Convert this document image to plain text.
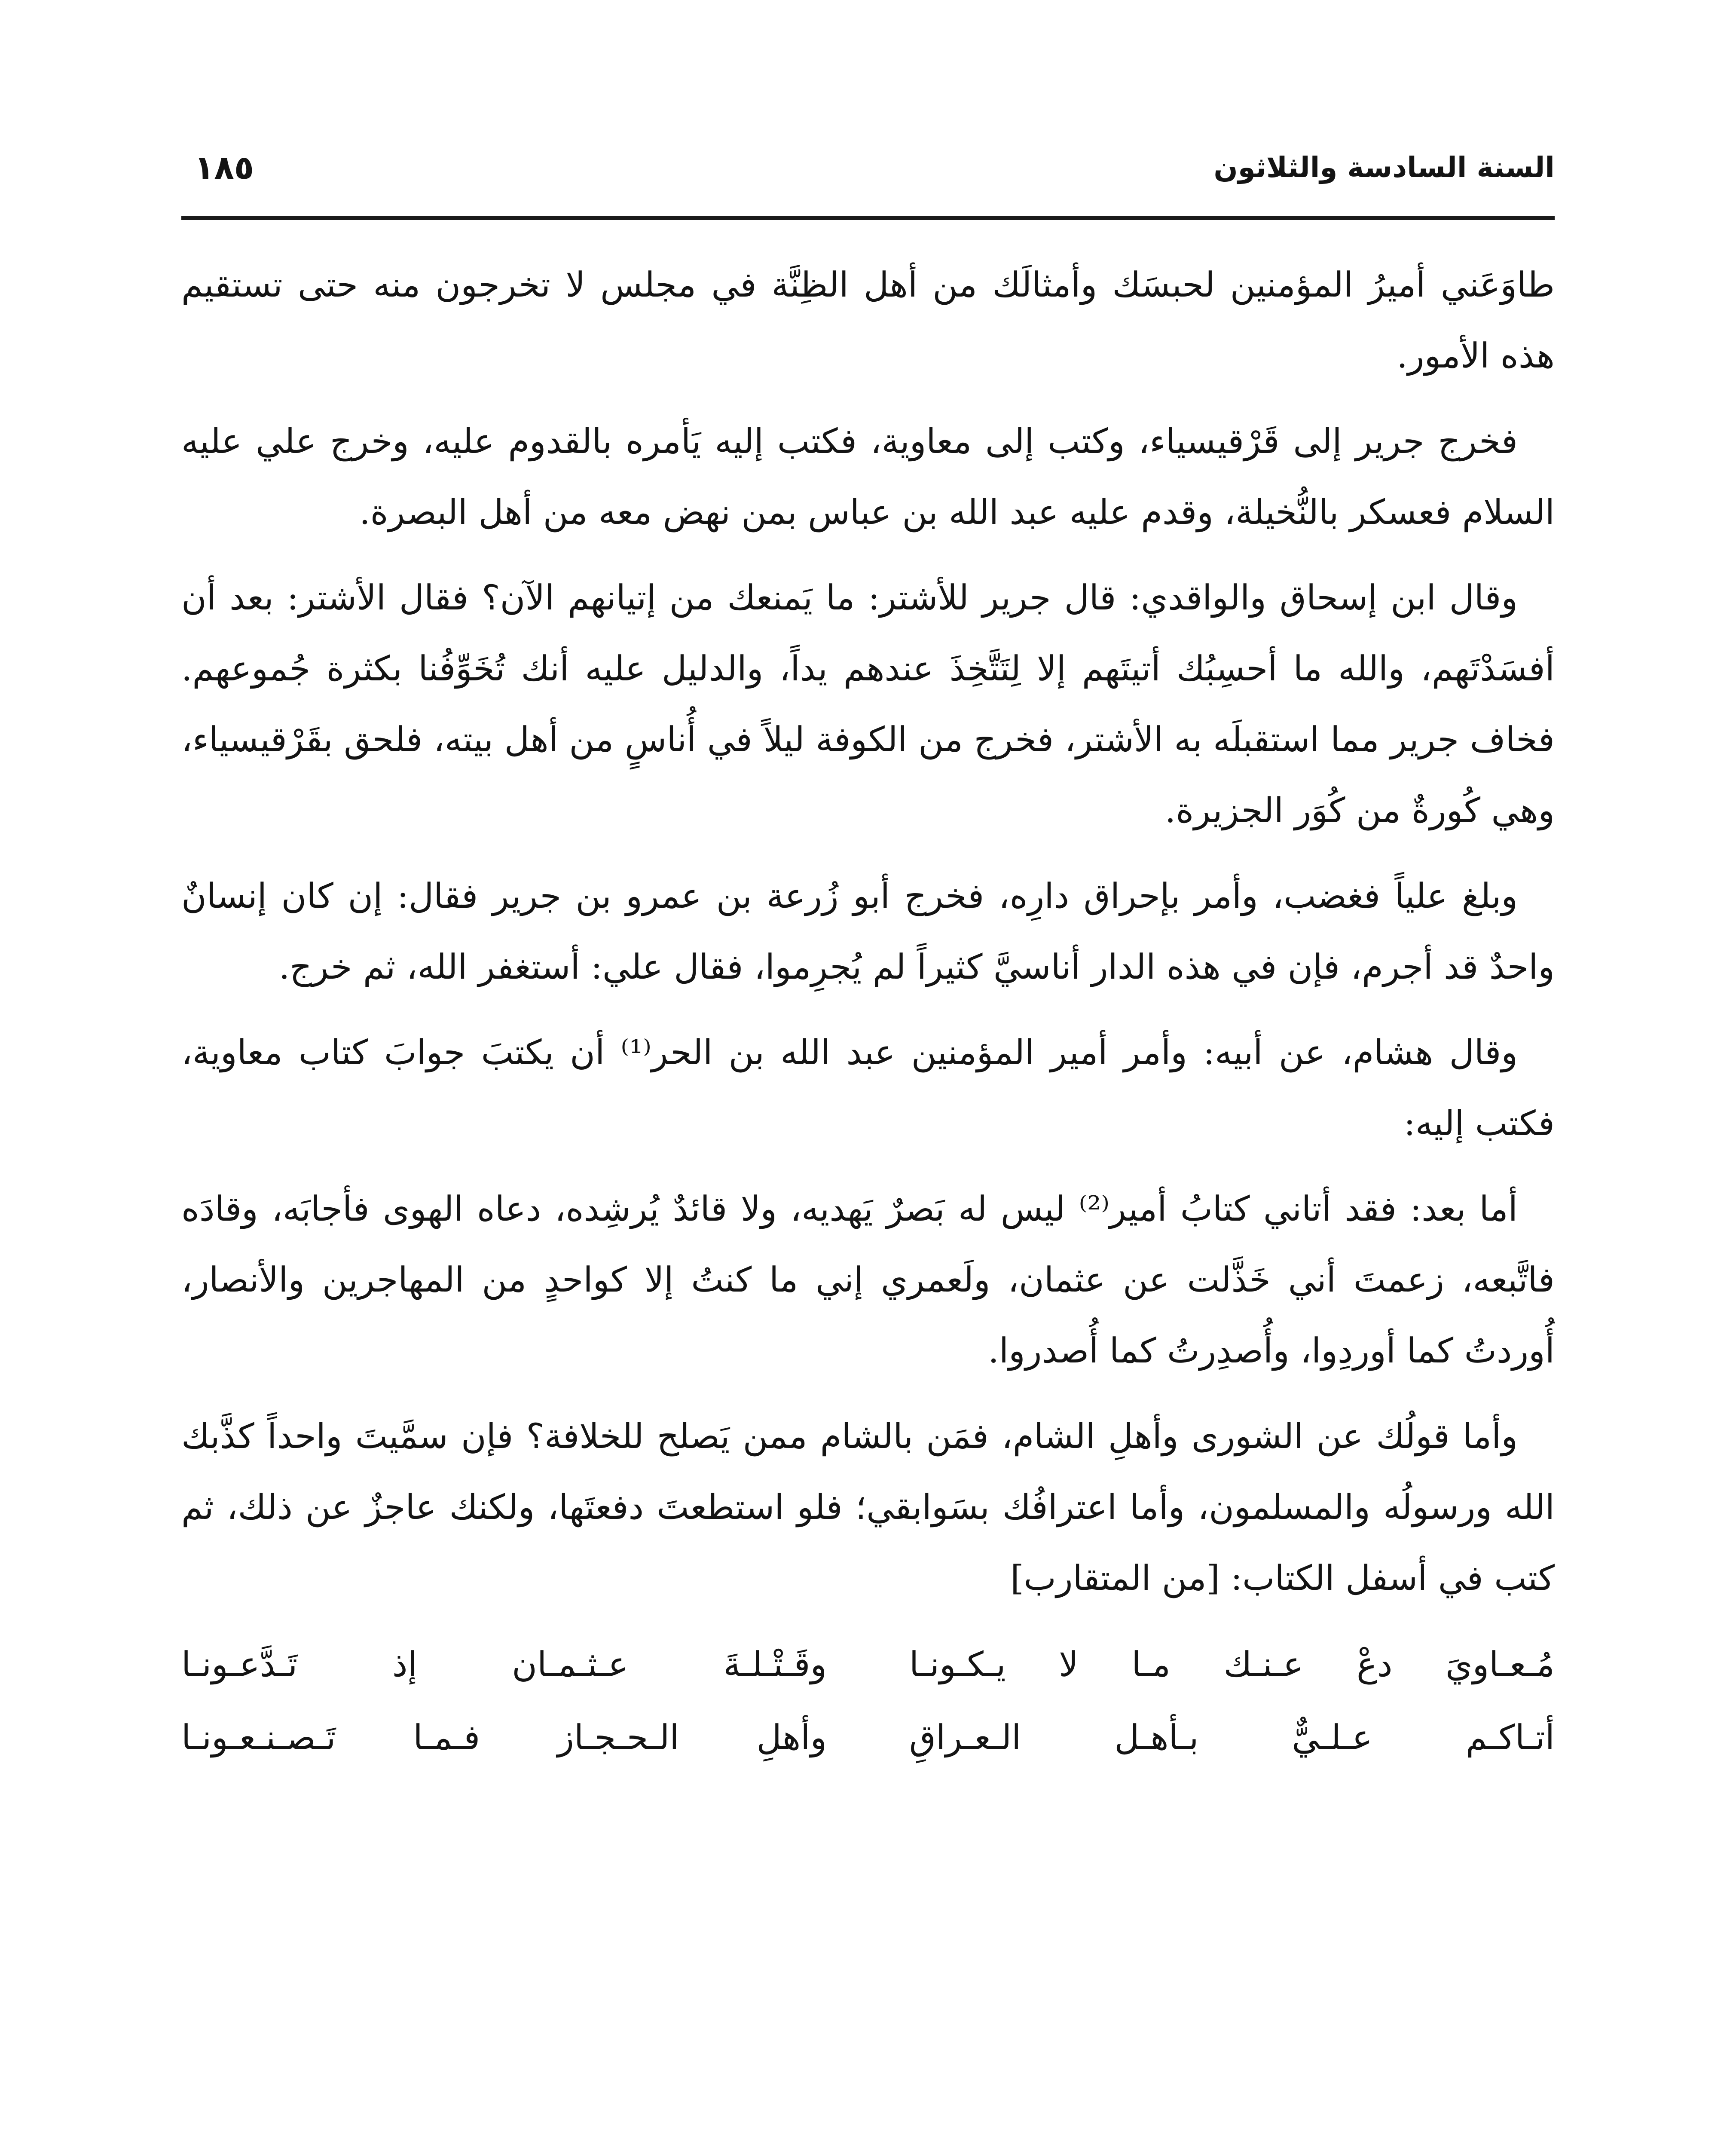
السنة السادسة والثلاثون
١٨٥

طاوَعَني أميرُ المؤمنين لحبسَك وأمثالَك من أهل الظِنَّة في مجلس لا تخرجون منه حتى تستقيم هذه الأمور.

فخرج جرير إلى قَرْقيسياء، وكتب إلى معاوية، فكتب إليه يَأمره بالقدوم عليه، وخرج علي عليه السلام فعسكر بالنُّخيلة، وقدم عليه عبد الله بن عباس بمن نهض معه من أهل البصرة.

وقال ابن إسحاق والواقدي: قال جرير للأشتر: ما يَمنعك من إتيانهم الآن؟ فقال الأشتر: بعد أن أفسَدْتَهم، والله ما أحسِبُك أتيتَهم إلا لِتَتَّخِذَ عندهم يداً، والدليل عليه أنك تُخَوِّفُنا بكثرة جُموعهم. فخاف جرير مما استقبلَه به الأشتر، فخرج من الكوفة ليلاً في أُناسٍ من أهل بيته، فلحق بقَرْقيسياء، وهي كُورةٌ من كُوَر الجزيرة.

وبلغ علياً فغضب، وأمر بإحراق دارِه، فخرج أبو زُرعة بن عمرو بن جرير فقال: إن كان إنسانٌ واحدٌ قد أجرم، فإن في هذه الدار أناسيَّ كثيراً لم يُجرِموا، فقال علي: أستغفر الله، ثم خرج.

وقال هشام، عن أبيه: وأمر أمير المؤمنين عبد الله بن الحر⁽¹⁾ أن يكتبَ جوابَ كتاب معاوية، فكتب إليه:

أما بعد: فقد أتاني كتابُ أمير⁽²⁾ ليس له بَصرٌ يَهديه، ولا قائدٌ يُرشِده، دعاه الهوى فأجابَه، وقادَه فاتَّبعه، زعمتَ أني خَذَّلت عن عثمان، ولَعمري إني ما كنتُ إلا كواحدٍ من المهاجرين والأنصار، أُوردتُ كما أوردِوا، وأُصدِرتُ كما أُصدروا.

وأما قولُك عن الشورى وأهلِ الشام، فمَن بالشام ممن يَصلح للخلافة؟ فإن سمَّيتَ واحداً كذَّبك الله ورسولُه والمسلمون، وأما اعترافُك بسَوابقي؛ فلو استطعتَ دفعتَها، ولكنك عاجزٌ عن ذلك، ثم كتب في أسفل الكتاب: [من المتقارب]

مُـعـاويَ دعْ عـنـك مـا لا يـكـونـا
وقَـتْـلـةَ عـثـمـان إذ تَـدَّعـونـا
أتـاكـم عـلـيٌّ بـأهـل الـعـراقِ
وأهلِ الـحـجـاز فـمـا تَـصـنـعـونـا
